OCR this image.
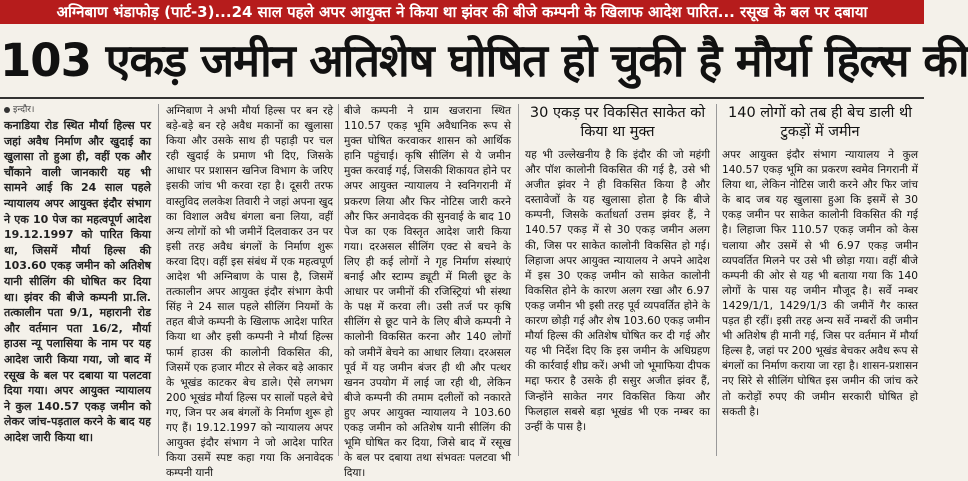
अग्निबाण भंडाफोड़ (पार्ट-3)...24 साल पहले अपर आयुक्त ने किया था झंवर की बीजे कम्पनी के खिलाफ आदेश पारित... रसूख के बल पर दबाया
103 एकड़ जमीन अतिशेष घोषित हो चुकी है मौर्या हिल्स की
इन्दौर।

कनाडिया रोड स्थित मौर्या हिल्स पर जहां अवैध निर्माण और खुदाई का खुलासा तो हुआ ही, वहीं एक और चौंकाने वाली जानकारी यह भी सामने आई कि 24 साल पहले न्यायालय अपर आयुक्त इंदौर संभाग ने एक 10 पेज का महत्वपूर्ण आदेश 19.12.1997 को पारित किया था, जिसमें मौर्या हिल्स की 103.60 एकड़ जमीन को अतिशेष यानी सीलिंग की घोषित कर दिया था। झंवर की बीजे कम्पनी प्रा.लि. तत्कालीन पता 9/1, महारानी रोड और वर्तमान पता 16/2, मौर्या हाउस न्यू पलासिया के नाम पर यह आदेश जारी किया गया, जो बाद में रसूख के बल पर दबाया या पलटवा दिया गया। अपर आयुक्त न्यायालय ने कुल 140.57 एकड़ जमीन को लेकर जांच-पड़ताल करने के बाद यह आदेश जारी किया था।

अग्निबाण ने अभी मौर्या हिल्स पर बन रहे बड़े-बड़े बन रहे अवैध मकानों का खुलासा किया और उसके साथ ही पहाड़ी पर चल रही खुदाई के प्रमाण भी दिए, जिसके आधार पर प्रशासन खनिज विभाग के जरिए इसकी जांच भी करवा रहा है। दूसरी तरफ वास्तुविद ललकेश तिवारी ने जहां अपना खुद का विशाल अवैध बंगला बना लिया, वहीं अन्य लोगों को भी जमीनें दिलवाकर उन पर इसी तरह अवैध बंगलों के निर्माण शुरू करवा दिए। वहीं इस संबंध में एक महत्वपूर्ण आदेश भी अग्निबाण के पास है, जिसमें तत्कालीन अपर आयुक्त इंदौर संभाग केपी सिंह ने 24 साल पहले सीलिंग नियमों के तहत बीजे कम्पनी के खिलाफ आदेश पारित किया था और इसी कम्पनी ने मौर्या हिल्स फार्म हाउस की कालोनी विकसित की, जिसमें एक हजार मीटर से लेकर बड़े आकार के भूखंड काटकर बेच डाले। ऐसे लगभग 200 भूखंड मौर्या हिल्स पर सालों पहले बेचे गए, जिन पर अब बंगलों के निर्माण शुरू हो गए हैं। 19.12.1997 को न्यायालय अपर आयुक्त इंदौर संभाग ने जो आदेश पारित किया उसमें स्पष्ट कहा गया कि अनावेदक कम्पनी यानी

बीजे कम्पनी ने ग्राम खजराना स्थित 110.57 एकड़ भूमि अवैधानिक रूप से मुक्त घोषित करवाकर शासन को आर्थिक हानि पहुंचाई। कृषि सीलिंग से ये जमीन मुक्त करवाई गई, जिसकी शिकायत होने पर अपर आयुक्त न्यायालय ने स्वनिगरानी में प्रकरण लिया और फिर नोटिस जारी करने और फिर अनावेदक की सुनवाई के बाद 10 पेज का एक विस्तृत आदेश जारी किया गया। दरअसल सीलिंग एक्ट से बचने के लिए ही कई लोगों ने गृह निर्माण संस्थाएं बनाई और स्टाम्प ड्यूटी में मिली छूट के आधार पर जमीनों की रजिस्ट्रियां भी संस्था के पक्ष में करवा ली। उसी तर्ज पर कृषि सीलिंग से छूट पाने के लिए बीजे कम्पनी ने कालोनी विकसित करना और 140 लोगों को जमीनें बेचने का आधार लिया। दरअसल पूर्व में यह जमीन बंजर ही थी और पत्थर खनन उपयोग में लाई जा रही थी, लेकिन बीजे कम्पनी की तमाम दलीलों को नकारते हुए अपर आयुक्त न्यायालय ने 103.60 एकड़ जमीन को अतिशेष यानी सीलिंग की भूमि घोषित कर दिया, जिसे बाद में रसूख के बल पर दबाया तथा संभवतः पलटवा भी दिया।

30 एकड़ पर विकसित साकेत को किया था मुक्त

यह भी उल्लेखनीय है कि इंदौर की जो महंगी और पॉश कालोनी विकसित की गई है, उसे भी अजीत झंवर ने ही विकसित किया है और दस्तावेजों के यह खुलासा होता है कि बीजे कम्पनी, जिसके कर्ताधर्ता उत्तम झंवर हैं, ने 140.57 एकड़ में से 30 एकड़ जमीन अलग की, जिस पर साकेत कालोनी विकसित हो गई। लिहाजा अपर आयुक्त न्यायालय ने अपने आदेश में इस 30 एकड़ जमीन को साकेत कालोनी विकसित होने के कारण अलग रखा और 6.97 एकड़ जमीन भी इसी तरह पूर्व व्यपवर्तित होने के कारण छोड़ी गई और शेष 103.60 एकड़ जमीन मौर्या हिल्स की अतिशेष घोषित कर दी गई और यह भी निर्देश दिए कि इस जमीन के अधिग्रहण की कार्रवाई शीघ्र करें। अभी जो भूमाफिया दीपक मद्दा फरार है उसके ही ससुर अजीत झंवर हैं, जिन्होंने साकेत नगर विकसित किया और फिलहाल सबसे बड़ा भूखंड भी एक नम्बर का उन्हीं के पास है।

140 लोगों को तब ही बेच डाली थी टुकड़ों में जमीन

अपर आयुक्त इंदौर संभाग न्यायालय ने कुल 140.57 एकड़ भूमि का प्रकरण स्वमेव निगरानी में लिया था, लेकिन नोटिस जारी करने और फिर जांच के बाद जब यह खुलासा हुआ कि इसमें से 30 एकड़ जमीन पर साकेत कालोनी विकसित की गई है। लिहाजा फिर 110.57 एकड़ जमीन को केस चलाया और उसमें से भी 6.97 एकड़ जमीन व्यपवर्तित मिलने पर उसे भी छोड़ा गया। वहीं बीजे कम्पनी की ओर से यह भी बताया गया कि 140 लोगों के पास यह जमीन मौजूद है। सर्वे नम्बर 1429/1/1, 1429/1/3 की जमीनें गैर कास्त पड़त ही रहीं। इसी तरह अन्य सर्वे नम्बरों की जमीन भी अतिशेष ही मानी गई, जिस पर वर्तमान में मौर्या हिल्स है, जहां पर 200 भूखंड बेचकर अवैध रूप से बंगलों का निर्माण कराया जा रहा है। शासन-प्रशासन नए सिरे से सीलिंग घोषित इस जमीन की जांच करे तो करोड़ों रुपए की जमीन सरकारी घोषित हो सकती है।
